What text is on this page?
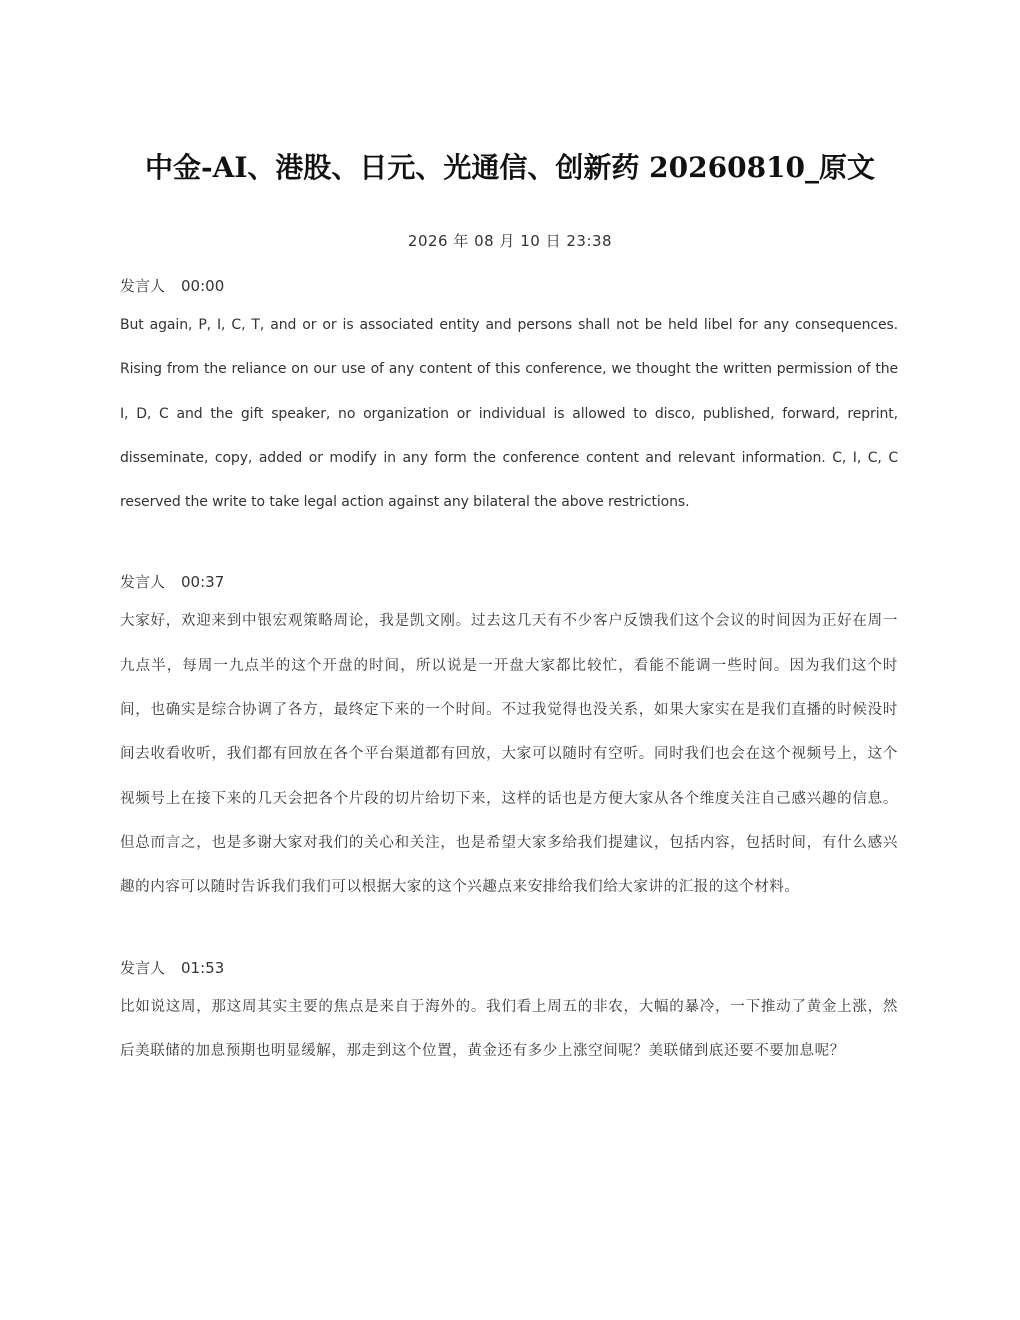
中金-AI、港股、日元、光通信、创新药 20260810_原文
2026 年 08 月 10 日 23:38
发言人 00:00

But again, P, I, C, T, and or or is associated entity and persons shall not be held libel for any consequences. Rising from the reliance on our use of any content of this conference, we thought the written permission of the I, D, C and the gift speaker, no organization or individual is allowed to disco, published, forward, reprint, disseminate, copy, added or modify in any form the conference content and relevant information. C, I, C, C reserved the write to take legal action against any bilateral the above restrictions.

发言人 00:37

大家好，欢迎来到中银宏观策略周论，我是凯文刚。过去这几天有不少客户反馈我们这个会议的时间因为正好在周一九点半，每周一九点半的这个开盘的时间，所以说是一开盘大家都比较忙，看能不能调一些时间。因为我们这个时间，也确实是综合协调了各方，最终定下来的一个时间。不过我觉得也没关系，如果大家实在是我们直播的时候没时间去收看收听，我们都有回放在各个平台渠道都有回放，大家可以随时有空听。同时我们也会在这个视频号上，这个视频号上在接下来的几天会把各个片段的切片给切下来，这样的话也是方便大家从各个维度关注自己感兴趣的信息。但总而言之，也是多谢大家对我们的关心和关注，也是希望大家多给我们提建议，包括内容，包括时间，有什么感兴趣的内容可以随时告诉我们我们可以根据大家的这个兴趣点来安排给我们给大家讲的汇报的这个材料。

发言人 01:53

比如说这周，那这周其实主要的焦点是来自于海外的。我们看上周五的非农，大幅的暴冷，一下推动了黄金上涨，然后美联储的加息预期也明显缓解，那走到这个位置，黄金还有多少上涨空间呢？美联储到底还要不要加息呢？
